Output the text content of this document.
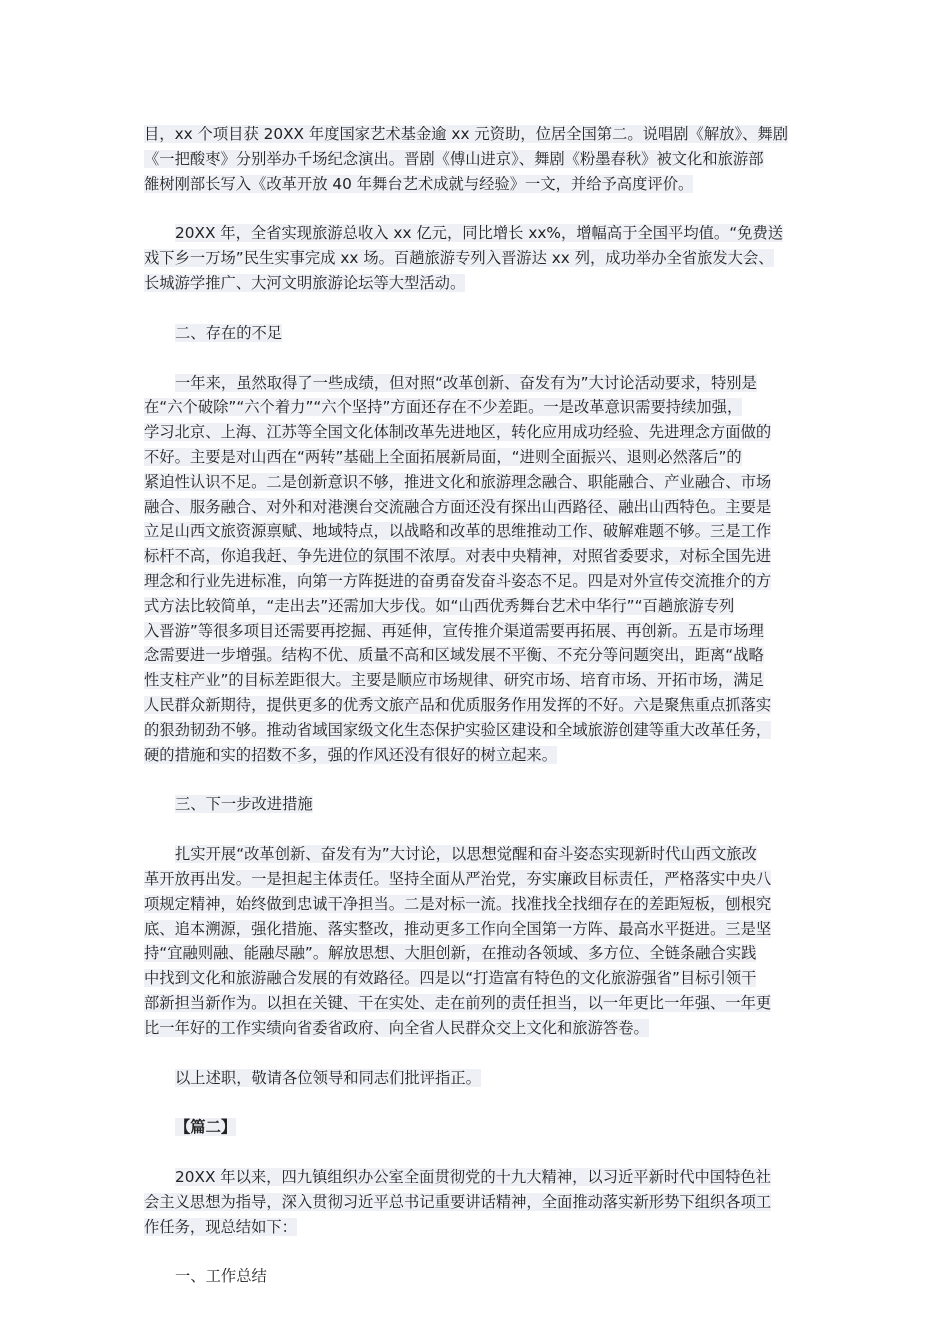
目，xx 个项目获 20XX 年度国家艺术基金逾 xx 元资助，位居全国第二。说唱剧《解放》、舞剧
《一把酸枣》分别举办千场纪念演出。晋剧《傅山进京》、舞剧《粉墨春秋》被文化和旅游部
雒树刚部长写入《改革开放 40 年舞台艺术成就与经验》一文，并给予高度评价。

20XX 年，全省实现旅游总收入 xx 亿元，同比增长 xx%，增幅高于全国平均值。“免费送
戏下乡一万场”民生实事完成 xx 场。百趟旅游专列入晋游达 xx 列，成功举办全省旅发大会、
长城游学推广、大河文明旅游论坛等大型活动。

二、存在的不足

一年来，虽然取得了一些成绩，但对照“改革创新、奋发有为”大讨论活动要求，特别是
在“六个破除”“六个着力”“六个坚持”方面还存在不少差距。一是改革意识需要持续加强，
学习北京、上海、江苏等全国文化体制改革先进地区，转化应用成功经验、先进理念方面做的
不好。主要是对山西在“两转”基础上全面拓展新局面，“进则全面振兴、退则必然落后”的
紧迫性认识不足。二是创新意识不够，推进文化和旅游理念融合、职能融合、产业融合、市场
融合、服务融合、对外和对港澳台交流融合方面还没有探出山西路径、融出山西特色。主要是
立足山西文旅资源禀赋、地域特点，以战略和改革的思维推动工作、破解难题不够。三是工作
标杆不高，你追我赶、争先进位的氛围不浓厚。对表中央精神，对照省委要求，对标全国先进
理念和行业先进标准，向第一方阵挺进的奋勇奋发奋斗姿态不足。四是对外宣传交流推介的方
式方法比较简单，“走出去”还需加大步伐。如“山西优秀舞台艺术中华行”“百趟旅游专列
入晋游”等很多项目还需要再挖掘、再延伸，宣传推介渠道需要再拓展、再创新。五是市场理
念需要进一步增强。结构不优、质量不高和区域发展不平衡、不充分等问题突出，距离“战略
性支柱产业”的目标差距很大。主要是顺应市场规律、研究市场、培育市场、开拓市场，满足
人民群众新期待，提供更多的优秀文旅产品和优质服务作用发挥的不好。六是聚焦重点抓落实
的狠劲韧劲不够。推动省域国家级文化生态保护实验区建设和全域旅游创建等重大改革任务，
硬的措施和实的招数不多，强的作风还没有很好的树立起来。

三、下一步改进措施

扎实开展“改革创新、奋发有为”大讨论，以思想觉醒和奋斗姿态实现新时代山西文旅改
革开放再出发。一是担起主体责任。坚持全面从严治党，夯实廉政目标责任，严格落实中央八
项规定精神，始终做到忠诚干净担当。二是对标一流。找准找全找细存在的差距短板，刨根究
底、追本溯源，强化措施、落实整改，推动更多工作向全国第一方阵、最高水平挺进。三是坚
持“宜融则融、能融尽融”。解放思想、大胆创新，在推动各领域、多方位、全链条融合实践
中找到文化和旅游融合发展的有效路径。四是以“打造富有特色的文化旅游强省”目标引领干
部新担当新作为。以担在关键、干在实处、走在前列的责任担当，以一年更比一年强、一年更
比一年好的工作实绩向省委省政府、向全省人民群众交上文化和旅游答卷。

以上述职，敬请各位领导和同志们批评指正。

【篇二】

20XX 年以来，四九镇组织办公室全面贯彻党的十九大精神，以习近平新时代中国特色社
会主义思想为指导，深入贯彻习近平总书记重要讲话精神，全面推动落实新形势下组织各项工
作任务，现总结如下：

一、工作总结
